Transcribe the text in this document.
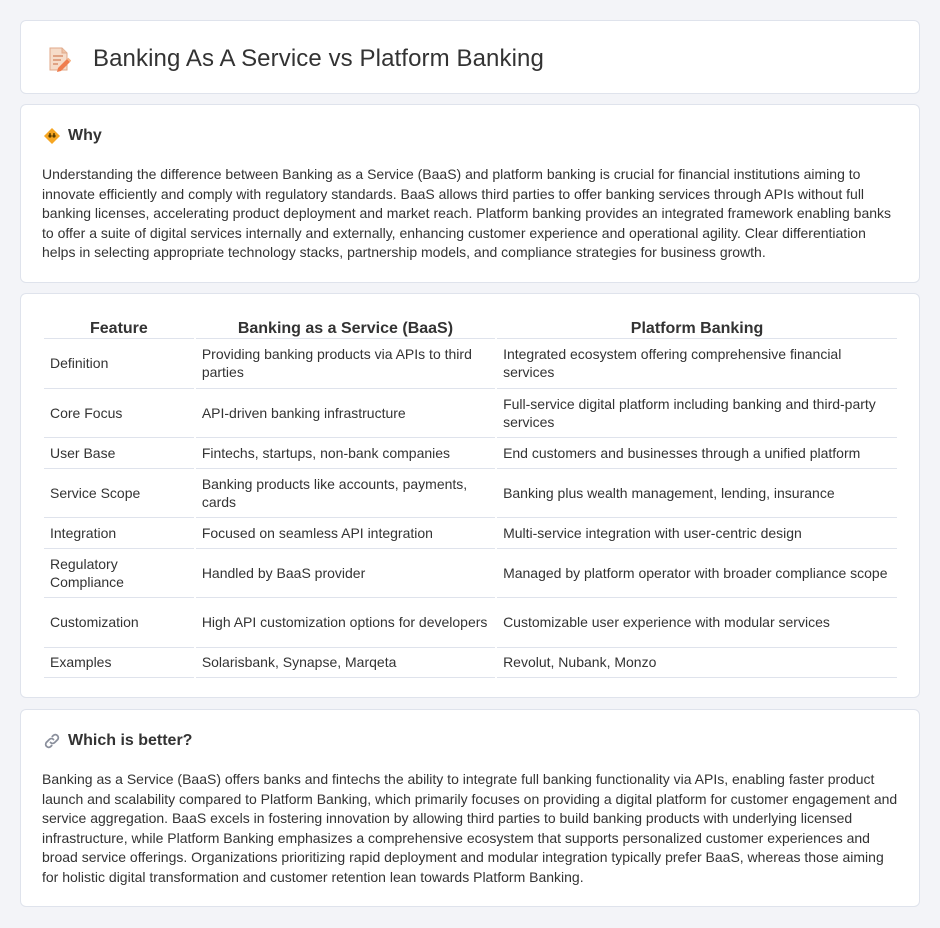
Banking As A Service vs Platform Banking
Why

Understanding the difference between Banking as a Service (BaaS) and platform banking is crucial for financial institutions aiming to innovate efficiently and comply with regulatory standards. BaaS allows third parties to offer banking services through APIs without full banking licenses, accelerating product deployment and market reach. Platform banking provides an integrated framework enabling banks to offer a suite of digital services internally and externally, enhancing customer experience and operational agility. Clear differentiation helps in selecting appropriate technology stacks, partnership models, and compliance strategies for business growth.

Feature	Banking as a Service (BaaS)	Platform Banking
Definition	Providing banking products via APIs to third parties	Integrated ecosystem offering comprehensive financial services
Core Focus	API-driven banking infrastructure	Full-service digital platform including banking and third-party services
User Base	Fintechs, startups, non-bank companies	End customers and businesses through a unified platform
Service Scope	Banking products like accounts, payments, cards	Banking plus wealth management, lending, insurance
Integration	Focused on seamless API integration	Multi-service integration with user-centric design
Regulatory Compliance	Handled by BaaS provider	Managed by platform operator with broader compliance scope
Customization	High API customization options for developers	Customizable user experience with modular services
Examples	Solarisbank, Synapse, Marqeta	Revolut, Nubank, Monzo
Which is better?

Banking as a Service (BaaS) offers banks and fintechs the ability to integrate full banking functionality via APIs, enabling faster product launch and scalability compared to Platform Banking, which primarily focuses on providing a digital platform for customer engagement and service aggregation. BaaS excels in fostering innovation by allowing third parties to build banking products with underlying licensed infrastructure, while Platform Banking emphasizes a comprehensive ecosystem that supports personalized customer experiences and broad service offerings. Organizations prioritizing rapid deployment and modular integration typically prefer BaaS, whereas those aiming for holistic digital transformation and customer retention lean towards Platform Banking.
